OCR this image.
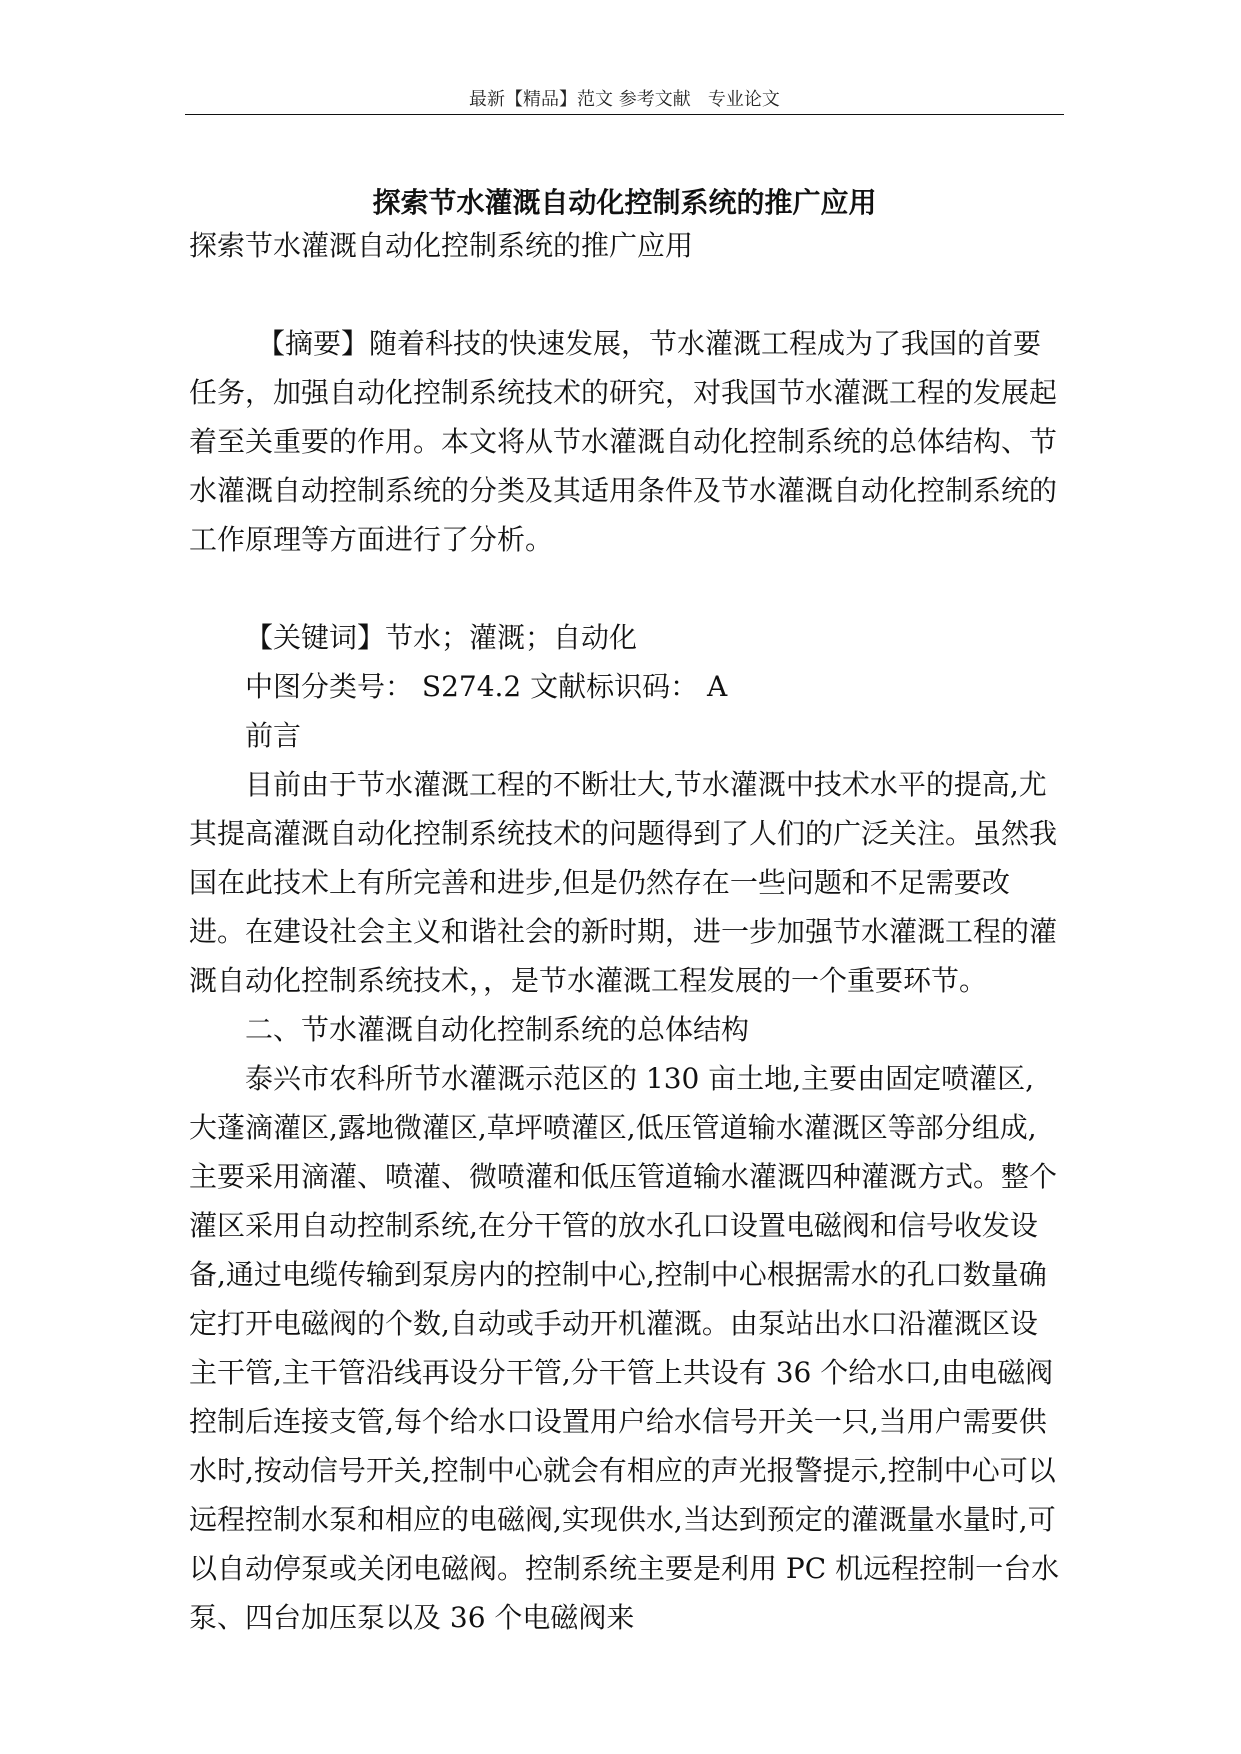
最新【精品】范文 参考文献   专业论文
探索节水灌溉自动化控制系统的推广应用

探索节水灌溉自动化控制系统的推广应用

【摘要】随着科技的快速发展，节水灌溉工程成为了我国的首要任务，加强自动化控制系统技术的研究，对我国节水灌溉工程的发展起着至关重要的作用。本文将从节水灌溉自动化控制系统的总体结构、节水灌溉自动控制系统的分类及其适用条件及节水灌溉自动化控制系统的工作原理等方面进行了分析。

【关键词】节水；灌溉；自动化

中图分类号： S274.2 文献标识码： A

前言

目前由于节水灌溉工程的不断壮大,节水灌溉中技术水平的提高,尤其提高灌溉自动化控制系统技术的问题得到了人们的广泛关注。虽然我国在此技术上有所完善和进步,但是仍然存在一些问题和不足需要改进。在建设社会主义和谐社会的新时期，进一步加强节水灌溉工程的灌溉自动化控制系统技术，，是节水灌溉工程发展的一个重要环节。

二、节水灌溉自动化控制系统的总体结构

泰兴市农科所节水灌溉示范区的 130 亩土地,主要由固定喷灌区,大蓬滴灌区,露地微灌区,草坪喷灌区,低压管道输水灌溉区等部分组成,主要采用滴灌、喷灌、微喷灌和低压管道输水灌溉四种灌溉方式。整个灌区采用自动控制系统,在分干管的放水孔口设置电磁阀和信号收发设备,通过电缆传输到泵房内的控制中心,控制中心根据需水的孔口数量确定打开电磁阀的个数,自动或手动开机灌溉。由泵站出水口沿灌溉区设主干管,主干管沿线再设分干管,分干管上共设有 36 个给水口,由电磁阀控制后连接支管,每个给水口设置用户给水信号开关一只,当用户需要供水时,按动信号开关,控制中心就会有相应的声光报警提示,控制中心可以远程控制水泵和相应的电磁阀,实现供水,当达到预定的灌溉量水量时,可以自动停泵或关闭电磁阀。控制系统主要是利用 PC 机远程控制一台水泵、四台加压泵以及 36 个电磁阀来
